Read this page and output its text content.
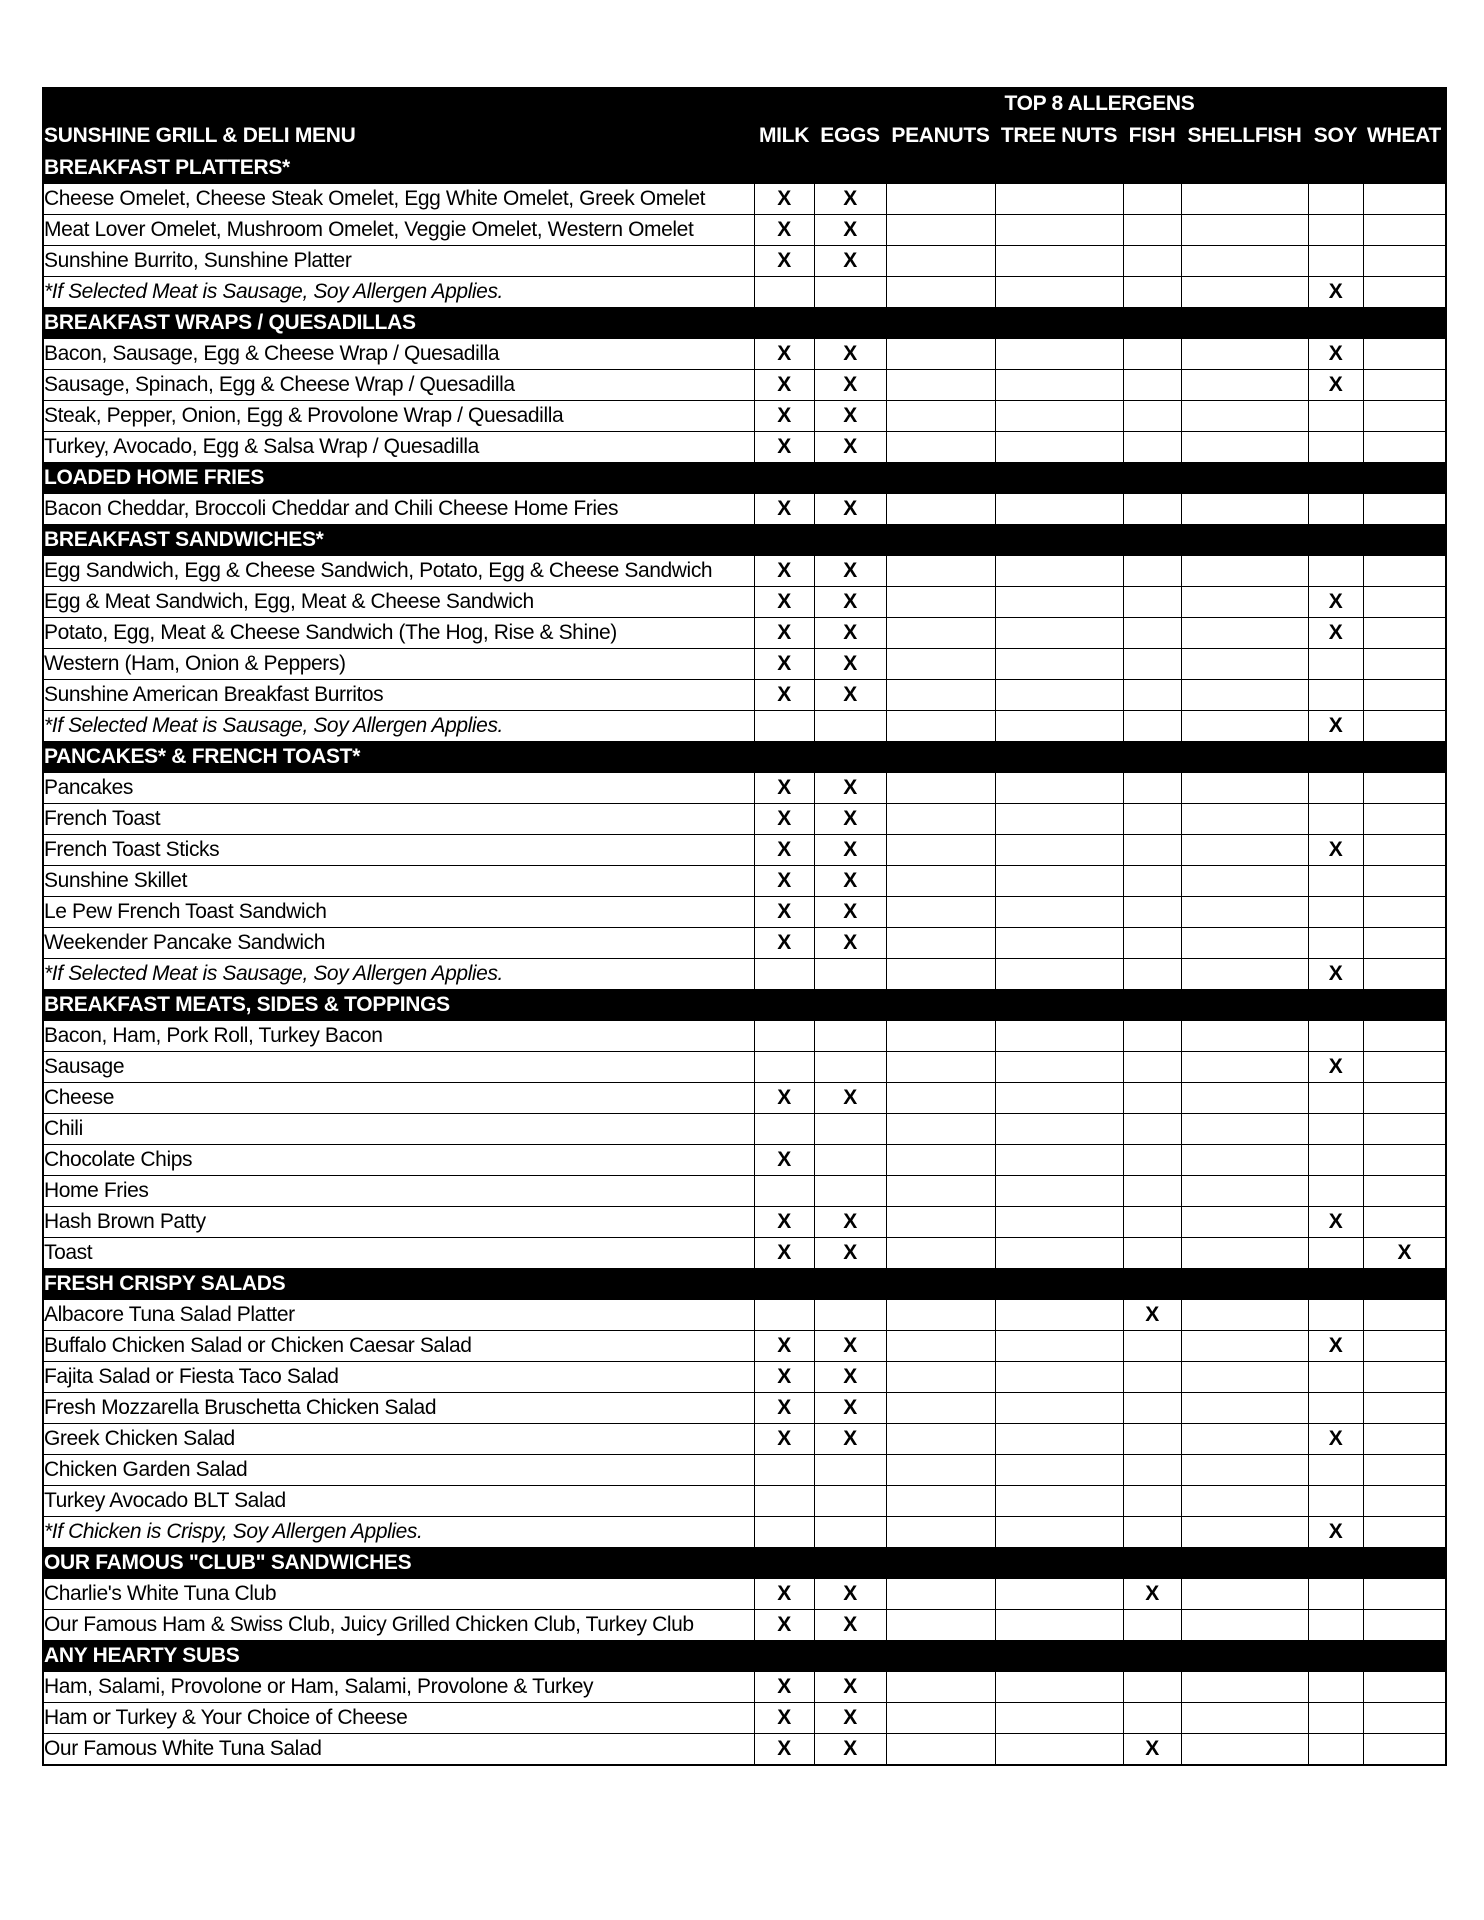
	TOP 8 ALLERGENS							
SUNSHINE GRILL & DELI MENU	MILK	EGGS	PEANUTS	TREE NUTS	FISH	SHELLFISH	SOY	WHEAT
BREAKFAST PLATTERS*								
Cheese Omelet, Cheese Steak Omelet, Egg White Omelet, Greek Omelet	X	X						
Meat Lover Omelet, Mushroom Omelet, Veggie Omelet, Western Omelet	X	X						
Sunshine Burrito, Sunshine Platter	X	X						
*If Selected Meat is Sausage, Soy Allergen Applies.							X	
BREAKFAST WRAPS / QUESADILLAS								
Bacon, Sausage, Egg & Cheese Wrap / Quesadilla	X	X					X	
Sausage, Spinach, Egg & Cheese Wrap / Quesadilla	X	X					X	
Steak, Pepper, Onion, Egg & Provolone Wrap / Quesadilla	X	X						
Turkey, Avocado, Egg & Salsa Wrap / Quesadilla	X	X						
LOADED HOME FRIES								
Bacon Cheddar, Broccoli Cheddar and Chili Cheese Home Fries	X	X						
BREAKFAST SANDWICHES*								
Egg Sandwich, Egg & Cheese Sandwich, Potato, Egg & Cheese Sandwich	X	X						
Egg & Meat Sandwich, Egg, Meat & Cheese Sandwich	X	X					X	
Potato, Egg, Meat & Cheese Sandwich (The Hog, Rise & Shine)	X	X					X	
Western (Ham, Onion & Peppers)	X	X						
Sunshine American Breakfast Burritos	X	X						
*If Selected Meat is Sausage, Soy Allergen Applies.							X	
PANCAKES* & FRENCH TOAST*								
Pancakes	X	X						
French Toast	X	X						
French Toast Sticks	X	X					X	
Sunshine Skillet	X	X						
Le Pew French Toast Sandwich	X	X						
Weekender Pancake Sandwich	X	X						
*If Selected Meat is Sausage, Soy Allergen Applies.							X	
BREAKFAST MEATS, SIDES & TOPPINGS								
Bacon, Ham, Pork Roll, Turkey Bacon								
Sausage							X	
Cheese	X	X						
Chili								
Chocolate Chips	X							
Home Fries								
Hash Brown Patty	X	X					X	
Toast	X	X						X
FRESH CRISPY SALADS								
Albacore Tuna Salad Platter					X			
Buffalo Chicken Salad or Chicken Caesar Salad	X	X					X	
Fajita Salad or Fiesta Taco Salad	X	X						
Fresh Mozzarella Bruschetta Chicken Salad	X	X						
Greek Chicken Salad	X	X					X	
Chicken Garden Salad								
Turkey Avocado BLT Salad								
*If Chicken is Crispy, Soy Allergen Applies.							X	
OUR FAMOUS "CLUB" SANDWICHES								
Charlie's White Tuna Club	X	X			X			
Our Famous Ham & Swiss Club, Juicy Grilled Chicken Club, Turkey Club	X	X						
ANY HEARTY SUBS								
Ham, Salami, Provolone or Ham, Salami, Provolone & Turkey	X	X						
Ham or Turkey & Your Choice of Cheese	X	X						
Our Famous White Tuna Salad	X	X			X			
